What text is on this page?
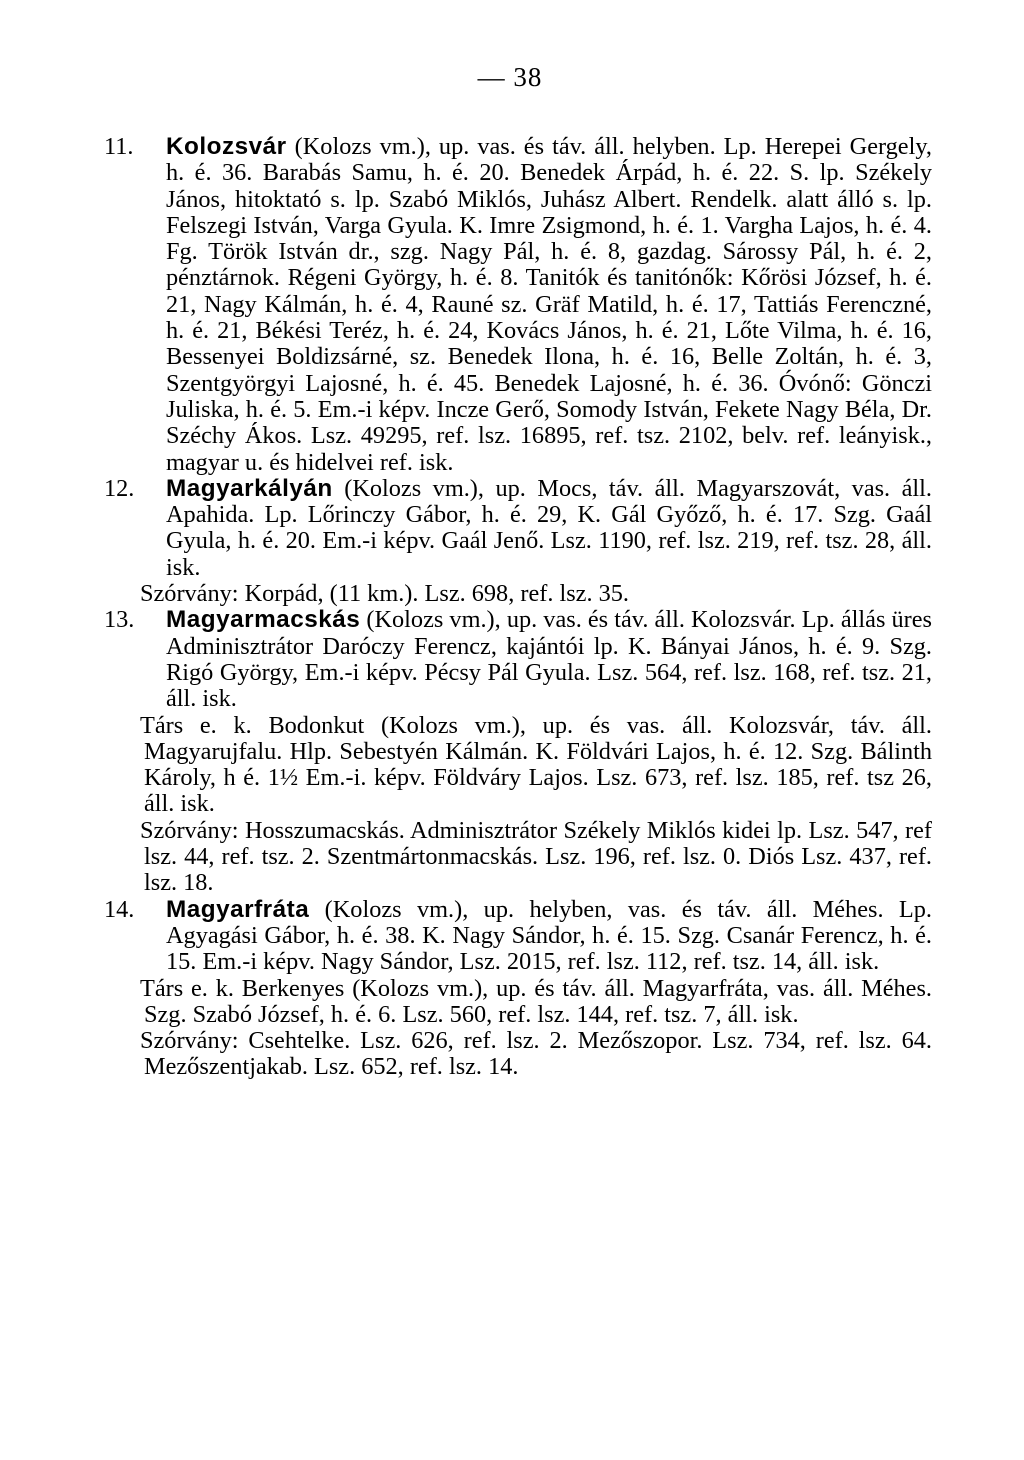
— 38
11.	Kolozsvár (Kolozs vm.), up. vas. és táv. áll. helyben. Lp. Herepei Gergely, h. é. 36. Barabás Samu, h. é. 20. Benedek Árpád, h. é. 22. S. lp. Székely János, hitoktató s. lp. Szabó Miklós, Juhász Albert. Rendelk. alatt álló s. lp. Felszegi István, Varga Gyula. K. Imre Zsigmond, h. é. 1. Vargha Lajos, h. é. 4. Fg. Török István dr., szg. Nagy Pál, h. é. 8, gazdag. Sárossy Pál, h. é. 2, pénztárnok. Régeni György, h. é. 8. Tanitók és tanitónők: Kőrösi József, h. é. 21, Nagy Kálmán, h. é. 4, Rauné sz. Gräf Matild, h. é. 17, Tattiás Ferenczné, h. é. 21, Békési Teréz, h. é. 24, Kovács János, h. é. 21, Lőte Vilma, h. é. 16, Bessenyei Boldizsárné, sz. Benedek Ilona, h. é. 16, Belle Zoltán, h. é. 3, Szentgyörgyi Lajosné, h. é. 45. Benedek Lajosné, h. é. 36. Óvónő: Gönczi Juliska, h. é. 5. Em.-i képv. Incze Gerő, Somody István, Fekete Nagy Béla, Dr. Széchy Ákos. Lsz. 49295, ref. lsz. 16895, ref. tsz. 2102, belv. ref. leányisk., magyar u. és hidelvei ref. isk.
12.	Magyarkályán (Kolozs vm.), up. Mocs, táv. áll. Magyarszovát, vas. áll. Apahida. Lp. Lőrinczy Gábor, h. é. 29, K. Gál Győző, h. é. 17. Szg. Gaál Gyula, h. é. 20. Em.-i képv. Gaál Jenő. Lsz. 1190, ref. lsz. 219, ref. tsz. 28, áll. isk.
Szórvány: Korpád, (11 km.). Lsz. 698, ref. lsz. 35.
13.	Magyarmacskás (Kolozs vm.), up. vas. és táv. áll. Kolozsvár. Lp. állás üres Adminisztrátor Daróczy Ferencz, kajántói lp. K. Bányai János, h. é. 9. Szg. Rigó György, Em.-i képv. Pécsy Pál Gyula. Lsz. 564, ref. lsz. 168, ref. tsz. 21, áll. isk.
Társ e. k. Bodonkut (Kolozs vm.), up. és vas. áll. Kolozsvár, táv. áll. Magyarujfalu. Hlp. Sebestyén Kálmán. K. Földvári Lajos, h. é. 12. Szg. Bálinth Károly, h é. 1½ Em.-i. képv. Földváry Lajos. Lsz. 673, ref. lsz. 185, ref. tsz 26, áll. isk.
Szórvány: Hosszumacskás. Adminisztrátor Székely Miklós kidei lp. Lsz. 547, ref lsz. 44, ref. tsz. 2. Szentmártonmacskás. Lsz. 196, ref. lsz. 0. Diós Lsz. 437, ref. lsz. 18.
14.	Magyarfráta (Kolozs vm.), up. helyben, vas. és táv. áll. Méhes. Lp. Agyagási Gábor, h. é. 38. K. Nagy Sándor, h. é. 15. Szg. Csanár Ferencz, h. é. 15. Em.-i képv. Nagy Sándor, Lsz. 2015, ref. lsz. 112, ref. tsz. 14, áll. isk.
Társ e. k. Berkenyes (Kolozs vm.), up. és táv. áll. Magyarfráta, vas. áll. Méhes. Szg. Szabó József, h. é. 6. Lsz. 560, ref. lsz. 144, ref. tsz. 7, áll. isk.
Szórvány: Csehtelke. Lsz. 626, ref. lsz. 2. Mezőszopor. Lsz. 734, ref. lsz. 64. Mezőszentjakab. Lsz. 652, ref. lsz. 14.
